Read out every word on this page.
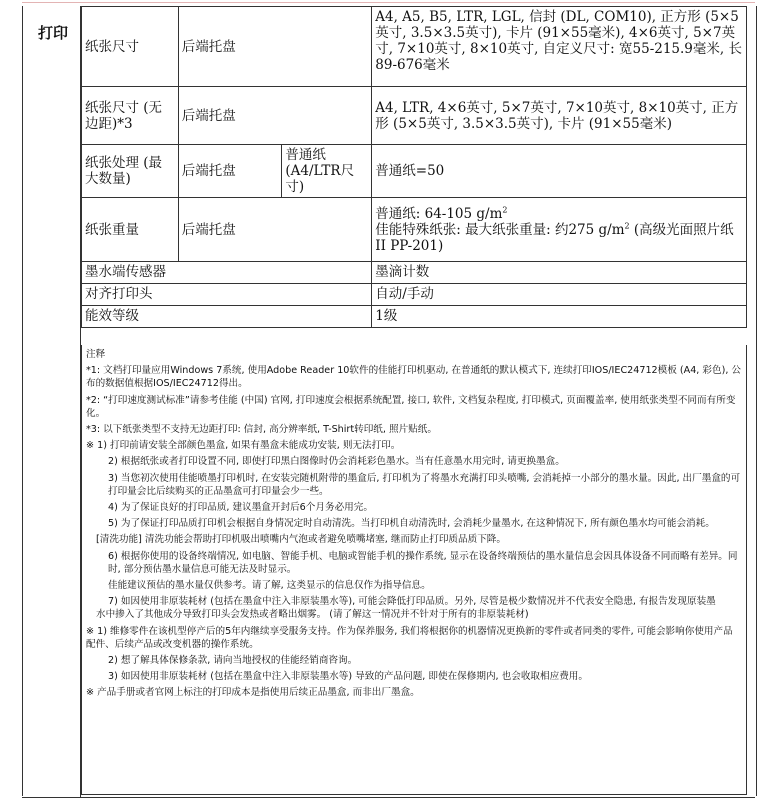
打印
纸张尺寸	后端托盘		A4, A5, B5, LTR, LGL, 信封 (DL, COM10), 正方形 (5×5英寸, 3.5×3.5英寸), 卡片 (91×55毫米), 4×6英寸, 5×7英寸, 7×10英寸, 8×10英寸, 自定义尺寸: 宽55-215.9毫米, 长89-676毫米
纸张尺寸 (无边距)*3	后端托盘		A4, LTR, 4×6英寸, 5×7英寸, 7×10英寸, 8×10英寸, 正方形 (5×5英寸, 3.5×3.5英寸), 卡片 (91×55毫米)
纸张处理 (最大数量)	后端托盘	普通纸 (A4/LTR尺寸)	普通纸=50
纸张重量	后端托盘		普通纸: 64-105 $g/m^2$
佳能特殊纸张: 最大纸张重量: 约275 $g/m^2$ (高级光面照片纸II PP-201)

墨水端传感器			墨滴计数
对齐打印头			自动/手动
能效等级			1级

注释

*1: 文档打印量应用Windows 7系统, 使用Adobe Reader 10软件的佳能打印机驱动, 在普通纸的默认模式下, 连续打印IOS/IEC24712模板 (A4, 彩色), 公布的数据值根据IOS/IEC24712得出。

*2: “打印速度测试标准”请参考佳能 (中国) 官网, 打印速度会根据系统配置, 接口, 软件, 文档复杂程度, 打印模式, 页面覆盖率, 使用纸张类型不同而有所变化。

*3: 以下纸张类型不支持无边距打印: 信封, 高分辨率纸, T-Shirt转印纸, 照片贴纸。

※ 1) 打印前请安装全部颜色墨盒, 如果有墨盒未能成功安装, 则无法打印。

2) 根据纸张或者打印设置不同, 即使打印黑白图像时仍会消耗彩色墨水。当有任意墨水用完时, 请更换墨盒。

3) 当您初次使用佳能喷墨打印机时, 在安装完随机附带的墨盒后, 打印机为了将墨水充满打印头喷嘴, 会消耗掉一小部分的墨水量。因此, 出厂墨盒的可打印量会比后续购买的正品墨盒可打印量会少一些。

4) 为了保证良好的打印品质, 建议墨盒开封后6个月务必用完。

5) 为了保证打印品质打印机会根据自身情况定时自动清洗。当打印机自动清洗时, 会消耗少量墨水, 在这种情况下, 所有颜色墨水均可能会消耗。

[清洗功能] 清洗功能会帮助打印机吸出喷嘴内气泡或者避免喷嘴堵塞, 继而防止打印质品质下降。

6) 根据你使用的设备终端情况, 如电脑、智能手机、电脑或智能手机的操作系统, 显示在设备终端预估的墨水量信息会因具体设备不同而略有差异。同时, 部分预估墨水量信息可能无法及时显示。

佳能建议预估的墨水量仅供参考。请了解, 这类显示的信息仅作为指导信息。

7) 如因使用非原装耗材 (包括在墨盒中注入非原装墨水等), 可能会降低打印品质。另外, 尽管是极少数情况并不代表安全隐患, 有报告发现原装墨

水中掺入了其他成分导致打印头会发热或者略出烟雾。 (请了解这一情况并不针对于所有的非原装耗材)

※ 1) 维修零件在该机型停产后的5年内继续享受服务支持。作为保养服务, 我们将根据你的机器情况更换新的零件或者同类的零件, 可能会影响你使用产品配件、后续产品或改变机器的操作系统。

2) 想了解具体保修条款, 请向当地授权的佳能经销商咨询。

3) 如因使用非原装耗材 (包括在墨盒中注入非原装墨水等) 导致的产品问题, 即使在保修期内, 也会收取相应费用。

※ 产品手册或者官网上标注的打印成本是指使用后续正品墨盒, 而非出厂墨盒。
